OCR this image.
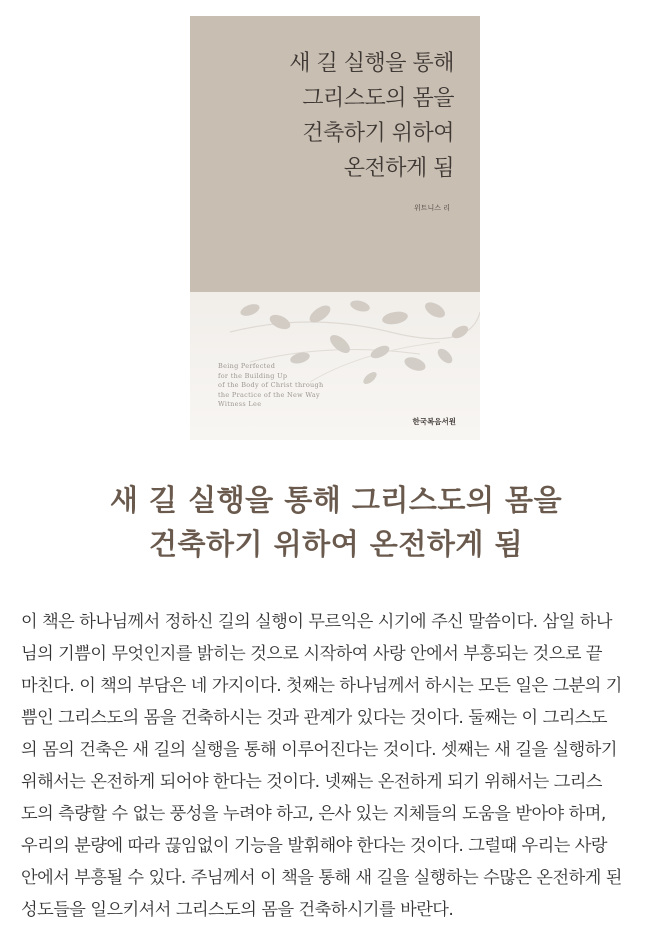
새 길 실행을 통해
그리스도의 몸을
건축하기 위하여
온전하게 됨
위트니스 리
Being Perfected
for the Building Up
of the Body of Christ through
the Practice of the New Way
Witness Lee
한국복음서원
새 길 실행을 통해 그리스도의 몸을
건축하기 위하여 온전하게 됨
이 책은 하나님께서 정하신 길의 실행이 무르익은 시기에 주신 말씀이다. 삼일 하나
님의 기쁨이 무엇인지를 밝히는 것으로 시작하여 사랑 안에서 부흥되는 것으로 끝
마친다. 이 책의 부담은 네 가지이다. 첫째는 하나님께서 하시는 모든 일은 그분의 기
쁨인 그리스도의 몸을 건축하시는 것과 관계가 있다는 것이다. 둘째는 이 그리스도
의 몸의 건축은 새 길의 실행을 통해 이루어진다는 것이다. 셋째는 새 길을 실행하기
위해서는 온전하게 되어야 한다는 것이다. 넷째는 온전하게 되기 위해서는 그리스
도의 측량할 수 없는 풍성을 누려야 하고, 은사 있는 지체들의 도움을 받아야 하며,
우리의 분량에 따라 끊임없이 기능을 발휘해야 한다는 것이다. 그럴때 우리는 사랑
안에서 부흥될 수 있다. 주님께서 이 책을 통해 새 길을 실행하는 수많은 온전하게 된
성도들을 일으키셔서 그리스도의 몸을 건축하시기를 바란다.
